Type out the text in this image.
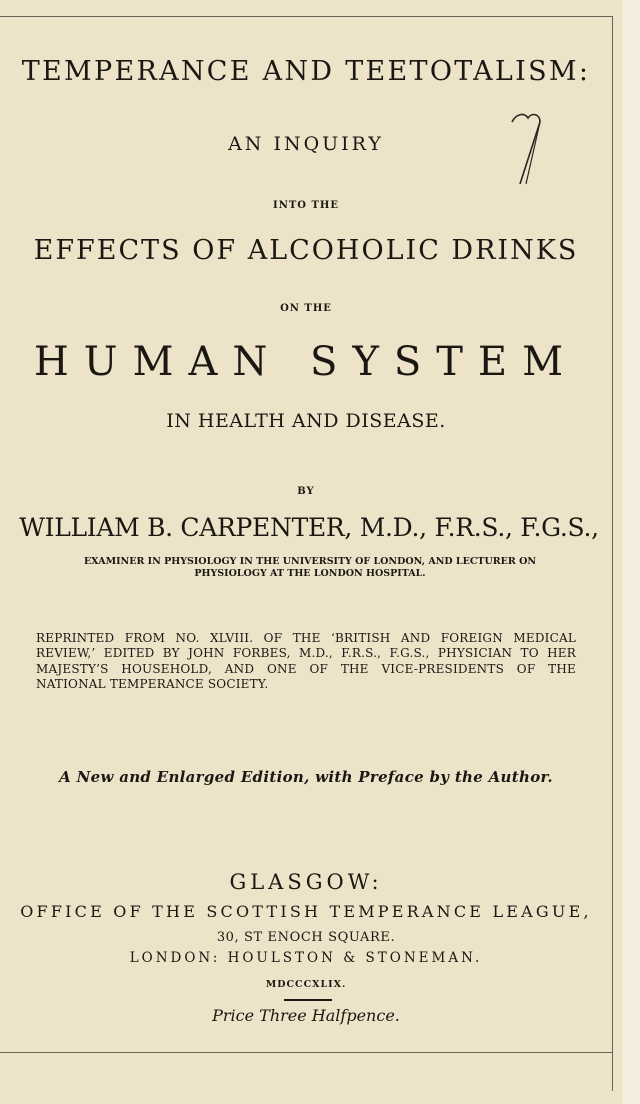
TEMPERANCE AND TEETOTALISM:
AN INQUIRY
INTO THE
EFFECTS OF ALCOHOLIC DRINKS
ON THE
HUMAN SYSTEM
IN HEALTH AND DISEASE.
BY
WILLIAM B. CARPENTER, M.D., F.R.S., F.G.S.,
EXAMINER IN PHYSIOLOGY IN THE UNIVERSITY OF LONDON, AND LECTURER ON PHYSIOLOGY AT THE LONDON HOSPITAL.
REPRINTED FROM NO. XLVIII. OF THE ‘BRITISH AND FOREIGN MEDICAL REVIEW,’ EDITED BY JOHN FORBES, M.D., F.R.S., F.G.S., PHYSICIAN TO HER MAJESTY’S HOUSEHOLD, AND ONE OF THE VICE-PRESIDENTS OF THE NATIONAL TEMPERANCE SOCIETY.
A New and Enlarged Edition, with Preface by the Author.
GLASGOW:
OFFICE OF THE SCOTTISH TEMPERANCE LEAGUE,
30, ST ENOCH SQUARE.
LONDON: HOULSTON & STONEMAN.
MDCCCXLIX.
Price Three Halfpence.
